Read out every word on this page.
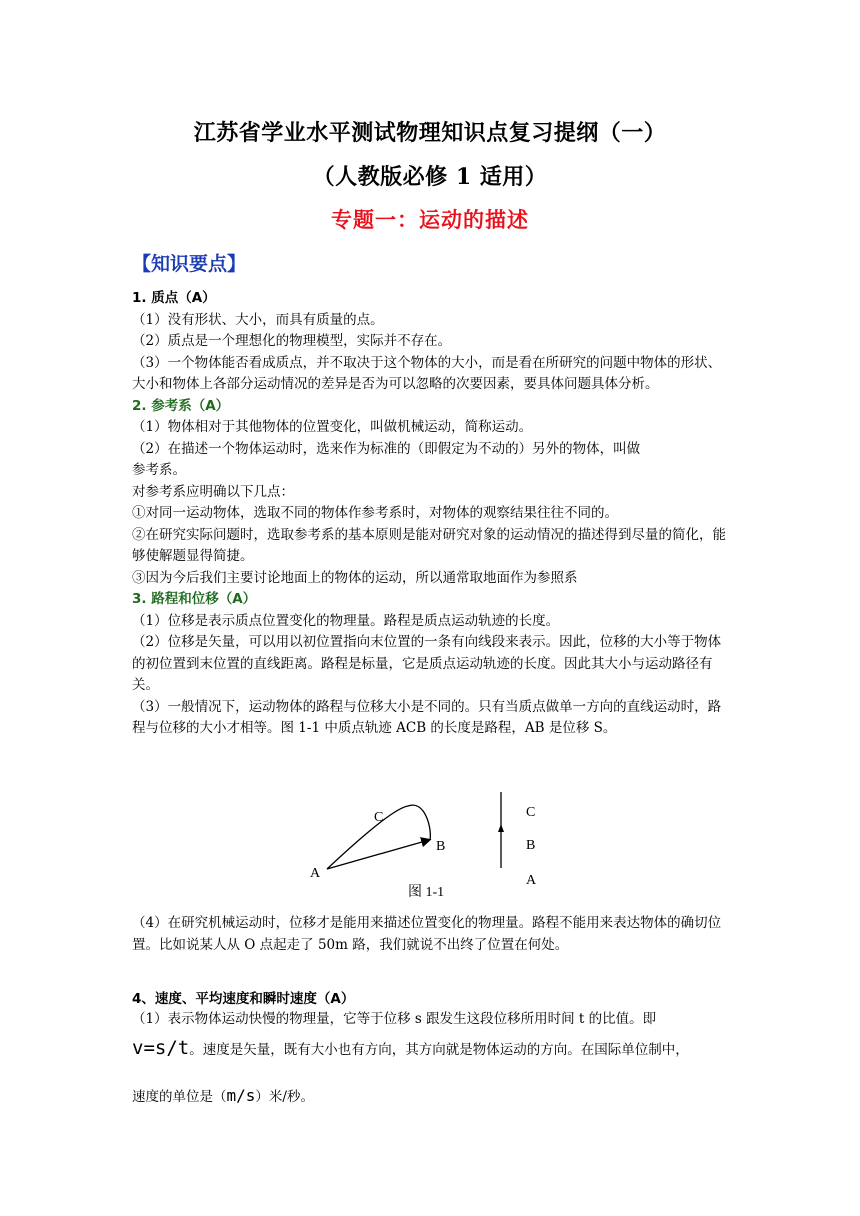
江苏省学业水平测试物理知识点复习提纲（一）
（人教版必修 1 适用）
专题一：运动的描述
【知识要点】

1. 质点（A）

（1）没有形状、大小，而具有质量的点。

（2）质点是一个理想化的物理模型，实际并不存在。

（3）一个物体能否看成质点，并不取决于这个物体的大小，而是看在所研究的问题中物体的形状、大小和物体上各部分运动情况的差异是否为可以忽略的次要因素，要具体问题具体分析。

2. 参考系（A）

（1）物体相对于其他物体的位置变化，叫做机械运动，简称运动。

（2）在描述一个物体运动时，选来作为标准的（即假定为不动的）另外的物体，叫做

参考系。

对参考系应明确以下几点：

①对同一运动物体，选取不同的物体作参考系时，对物体的观察结果往往不同的。

②在研究实际问题时，选取参考系的基本原则是能对研究对象的运动情况的描述得到尽量的简化，能够使解题显得简捷。

③因为今后我们主要讨论地面上的物体的运动，所以通常取地面作为参照系

3. 路程和位移（A）

（1）位移是表示质点位置变化的物理量。路程是质点运动轨迹的长度。

（2）位移是矢量，可以用以初位置指向末位置的一条有向线段来表示。因此，位移的大小等于物体的初位置到末位置的直线距离。路程是标量，它是质点运动轨迹的长度。因此其大小与运动路径有关。

（3）一般情况下，运动物体的路程与位移大小是不同的。只有当质点做单一方向的直线运动时，路程与位移的大小才相等。图 1-1 中质点轨迹 ACB 的长度是路程，AB 是位移 S。

C
B
A
C
B
A
图 1-1

（4）在研究机械运动时，位移才是能用来描述位置变化的物理量。路程不能用来表达物体的确切位置。比如说某人从 O 点起走了 50m 路，我们就说不出终了位置在何处。

4、速度、平均速度和瞬时速度（A）

（1）表示物体运动快慢的物理量，它等于位移 s 跟发生这段位移所用时间 t 的比值。即

v=s/t。速度是矢量，既有大小也有方向，其方向就是物体运动的方向。在国际单位制中，

速度的单位是（m/s）米/秒。
